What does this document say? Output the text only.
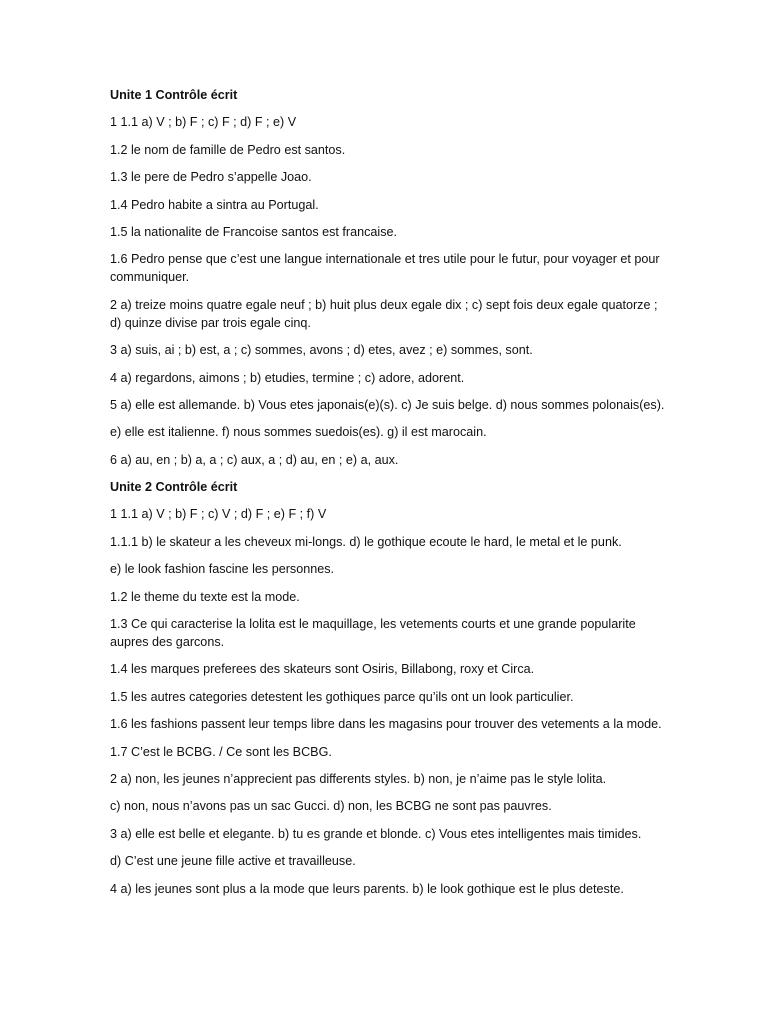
Unite 1 Contrôle écrit

1 1.1 a) V ; b) F ; c) F ; d) F ; e) V

1.2 le nom de famille de Pedro est santos.

1.3 le pere de Pedro s’appelle Joao.

1.4 Pedro habite a sintra au Portugal.

1.5 la nationalite de Francoise santos est francaise.

1.6 Pedro pense que c’est une langue internationale et tres utile pour le futur, pour voyager et pour communiquer.

2 a) treize moins quatre egale neuf ; b) huit plus deux egale dix ; c) sept fois deux egale quatorze ; d) quinze divise par trois egale cinq.

3 a) suis, ai ; b) est, a ; c) sommes, avons ; d) etes, avez ; e) sommes, sont.

4 a) regardons, aimons ; b) etudies, termine ; c) adore, adorent.

5 a) elle est allemande. b) Vous etes japonais(e)(s). c) Je suis belge. d) nous sommes polonais(es).

e) elle est italienne. f) nous sommes suedois(es). g) il est marocain.

6 a) au, en ; b) a, a ; c) aux, a ; d) au, en ; e) a, aux.

Unite 2 Contrôle écrit

1 1.1 a) V ; b) F ; c) V ; d) F ; e) F ; f) V

1.1.1 b) le skateur a les cheveux mi-longs. d) le gothique ecoute le hard, le metal et le punk.

e) le look fashion fascine les personnes.

1.2 le theme du texte est la mode.

1.3 Ce qui caracterise la lolita est le maquillage, les vetements courts et une grande popularite aupres des garcons.

1.4 les marques preferees des skateurs sont Osiris, Billabong, roxy et Circa.

1.5 les autres categories detestent les gothiques parce qu’ils ont un look particulier.

1.6 les fashions passent leur temps libre dans les magasins pour trouver des vetements a la mode.

1.7 C’est le BCBG. / Ce sont les BCBG.

2 a) non, les jeunes n’apprecient pas differents styles. b) non, je n’aime pas le style lolita.

c) non, nous n’avons pas un sac Gucci. d) non, les BCBG ne sont pas pauvres.

3 a) elle est belle et elegante. b) tu es grande et blonde. c) Vous etes intelligentes mais timides.

d) C’est une jeune fille active et travailleuse.

4 a) les jeunes sont plus a la mode que leurs parents. b) le look gothique est le plus deteste.
